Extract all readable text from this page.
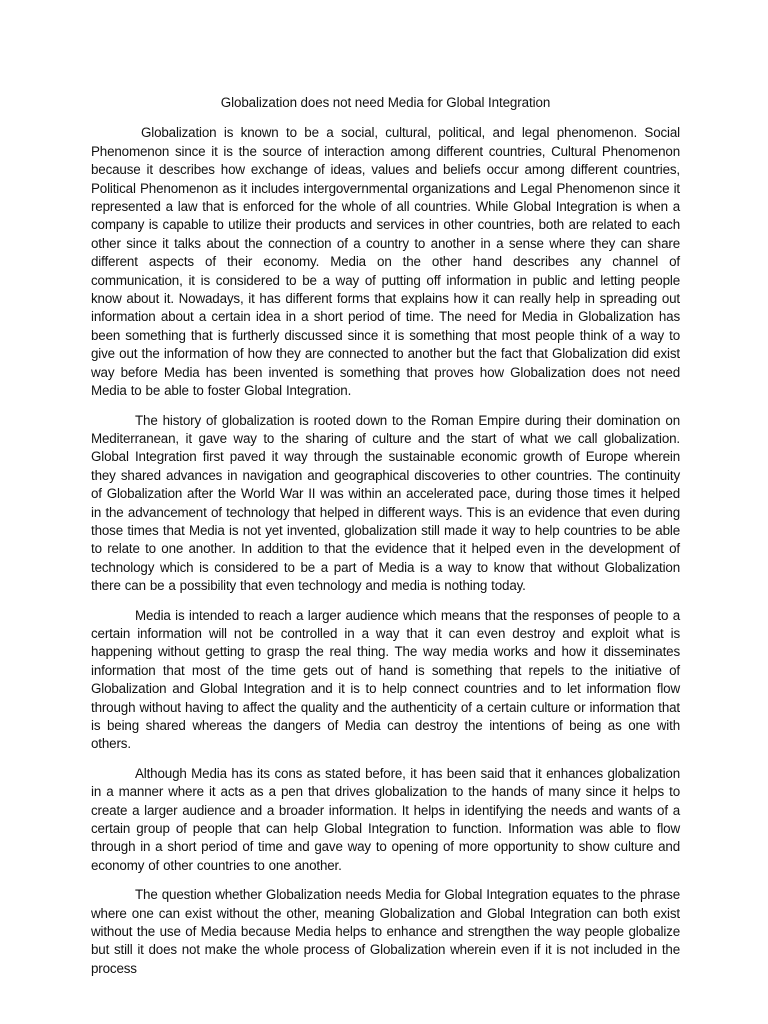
Globalization does not need Media for Global Integration

Globalization is known to be a social, cultural, political, and legal phenomenon. Social Phenomenon since it is the source of interaction among different countries, Cultural Phenomenon because it describes how exchange of ideas, values and beliefs occur among different countries, Political Phenomenon as it includes intergovernmental organizations and Legal Phenomenon since it represented a law that is enforced for the whole of all countries. While Global Integration is when a company is capable to utilize their products and services in other countries, both are related to each other since it talks about the connection of a country to another in a sense where they can share different aspects of their economy. Media on the other hand describes any channel of communication, it is considered to be a way of putting off information in public and letting people know about it. Nowadays, it has different forms that explains how it can really help in spreading out information about a certain idea in a short period of time. The need for Media in Globalization has been something that is furtherly discussed since it is something that most people think of a way to give out the information of how they are connected to another but the fact that Globalization did exist way before Media has been invented is something that proves how Globalization does not need Media to be able to foster Global Integration.

The history of globalization is rooted down to the Roman Empire during their domination on Mediterranean, it gave way to the sharing of culture and the start of what we call globalization. Global Integration first paved it way through the sustainable economic growth of Europe wherein they shared advances in navigation and geographical discoveries to other countries. The continuity of Globalization after the World War II was within an accelerated pace, during those times it helped in the advancement of technology that helped in different ways. This is an evidence that even during those times that Media is not yet invented, globalization still made it way to help countries to be able to relate to one another. In addition to that the evidence that it helped even in the development of technology which is considered to be a part of Media is a way to know that without Globalization there can be a possibility that even technology and media is nothing today.

Media is intended to reach a larger audience which means that the responses of people to a certain information will not be controlled in a way that it can even destroy and exploit what is happening without getting to grasp the real thing. The way media works and how it disseminates information that most of the time gets out of hand is something that repels to the initiative of Globalization and Global Integration and it is to help connect countries and to let information flow through without having to affect the quality and the authenticity of a certain culture or information that is being shared whereas the dangers of Media can destroy the intentions of being as one with others.

Although Media has its cons as stated before, it has been said that it enhances globalization in a manner where it acts as a pen that drives globalization to the hands of many since it helps to create a larger audience and a broader information. It helps in identifying the needs and wants of a certain group of people that can help Global Integration to function. Information was able to flow through in a short period of time and gave way to opening of more opportunity to show culture and economy of other countries to one another.

The question whether Globalization needs Media for Global Integration equates to the phrase where one can exist without the other, meaning Globalization and Global Integration can both exist without the use of Media because Media helps to enhance and strengthen the way people globalize but still it does not make the whole process of Globalization wherein even if it is not included in the process
